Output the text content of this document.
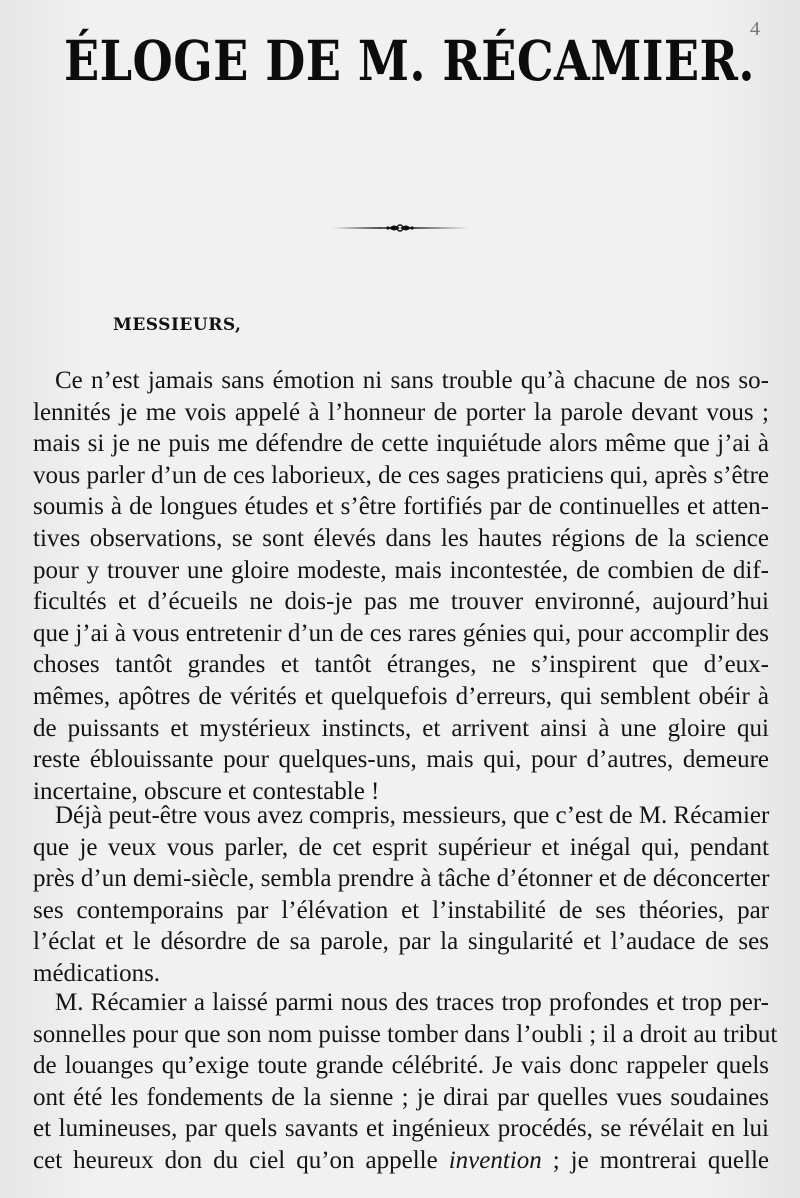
4
ÉLOGE DE M. RÉCAMIER.
MESSIEURS,
Ce n’est jamais sans émotion ni sans trouble qu’à chacune de nos so-
lennités je me vois appelé à l’honneur de porter la parole devant vous ;
mais si je ne puis me défendre de cette inquiétude alors même que j’ai à
vous parler d’un de ces laborieux, de ces sages praticiens qui, après s’être
soumis à de longues études et s’être fortifiés par de continuelles et atten-
tives observations, se sont élevés dans les hautes régions de la science
pour y trouver une gloire modeste, mais incontestée, de combien de dif-
ficultés et d’écueils ne dois-je pas me trouver environné, aujourd’hui
que j’ai à vous entretenir d’un de ces rares génies qui, pour accomplir des
choses tantôt grandes et tantôt étranges, ne s’inspirent que d’eux-
mêmes, apôtres de vérités et quelquefois d’erreurs, qui semblent obéir à
de puissants et mystérieux instincts, et arrivent ainsi à une gloire qui
reste éblouissante pour quelques-uns, mais qui, pour d’autres, demeure
incertaine, obscure et contestable !
Déjà peut-être vous avez compris, messieurs, que c’est de M. Récamier
que je veux vous parler, de cet esprit supérieur et inégal qui, pendant
près d’un demi-siècle, sembla prendre à tâche d’étonner et de déconcerter
ses contemporains par l’élévation et l’instabilité de ses théories, par
l’éclat et le désordre de sa parole, par la singularité et l’audace de ses
médications.
M. Récamier a laissé parmi nous des traces trop profondes et trop per-
sonnelles pour que son nom puisse tomber dans l’oubli ; il a droit au tribut
de louanges qu’exige toute grande célébrité. Je vais donc rappeler quels
ont été les fondements de la sienne ; je dirai par quelles vues soudaines
et lumineuses, par quels savants et ingénieux procédés, se révélait en lui
cet heureux don du ciel qu’on appelle invention ; je montrerai quelle
